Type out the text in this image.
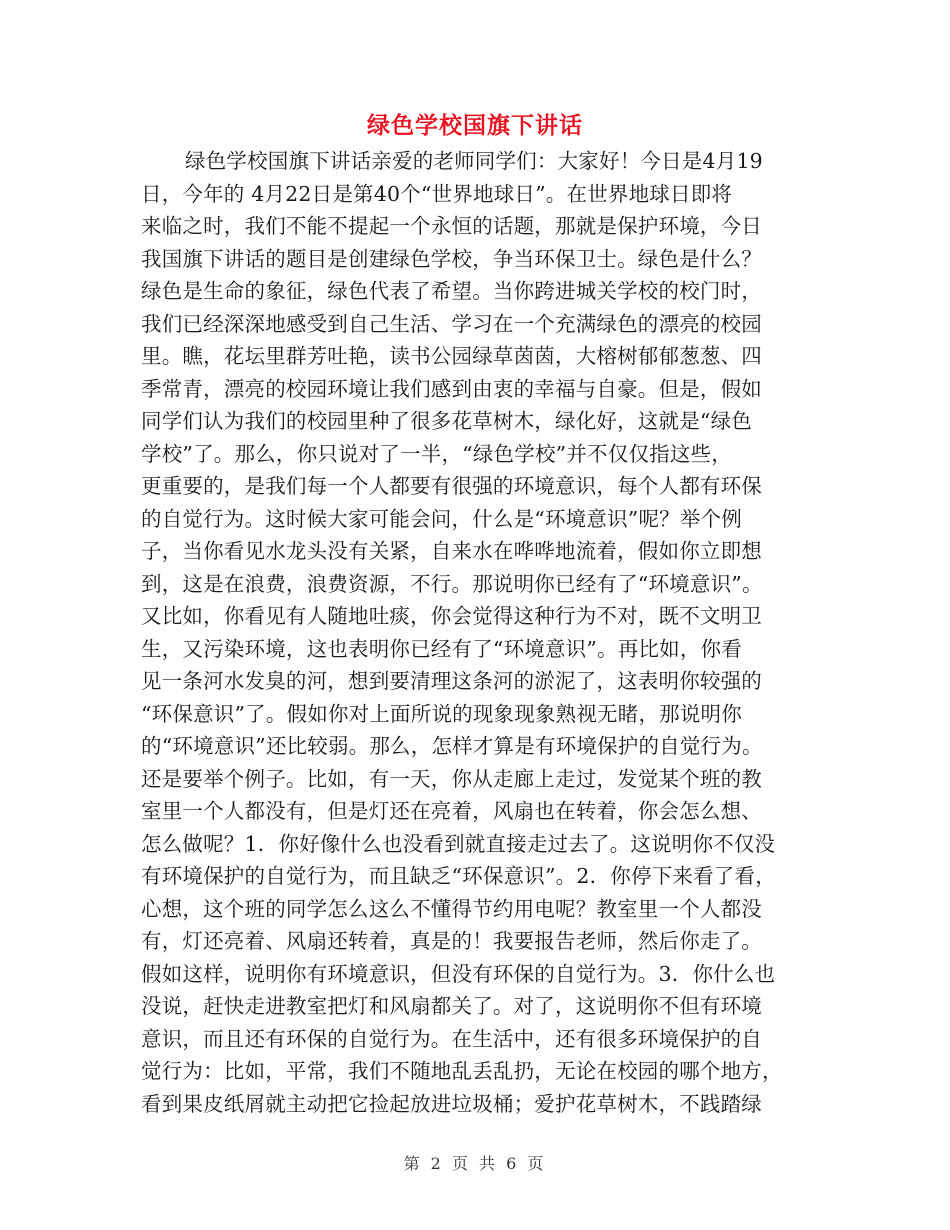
绿色学校国旗下讲话
绿色学校国旗下讲话亲爱的老师同学们：大家好！今日是4月19
日，今年的 4月22日是第40个“世界地球日”。在世界地球日即将
来临之时，我们不能不提起一个永恒的话题，那就是保护环境，今日
我国旗下讲话的题目是创建绿色学校，争当环保卫士。绿色是什么？
绿色是生命的象征，绿色代表了希望。当你跨进城关学校的校门时，
我们已经深深地感受到自己生活、学习在一个充满绿色的漂亮的校园
里。瞧，花坛里群芳吐艳，读书公园绿草茵茵，大榕树郁郁葱葱、四
季常青，漂亮的校园环境让我们感到由衷的幸福与自豪。但是，假如
同学们认为我们的校园里种了很多花草树木，绿化好，这就是“绿色
学校”了。那么，你只说对了一半，“绿色学校”并不仅仅指这些，
更重要的，是我们每一个人都要有很强的环境意识，每个人都有环保
的自觉行为。这时候大家可能会问，什么是“环境意识”呢？举个例
子，当你看见水龙头没有关紧，自来水在哗哗地流着，假如你立即想
到，这是在浪费，浪费资源，不行。那说明你已经有了“环境意识”。
又比如，你看见有人随地吐痰，你会觉得这种行为不对，既不文明卫
生，又污染环境，这也表明你已经有了“环境意识”。再比如，你看
见一条河水发臭的河，想到要清理这条河的淤泥了，这表明你较强的
“环保意识”了。假如你对上面所说的现象现象熟视无睹，那说明你
的“环境意识”还比较弱。那么，怎样才算是有环境保护的自觉行为。
还是要举个例子。比如，有一天，你从走廊上走过，发觉某个班的教
室里一个人都没有，但是灯还在亮着，风扇也在转着，你会怎么想、
怎么做呢？1．你好像什么也没看到就直接走过去了。这说明你不仅没
有环境保护的自觉行为，而且缺乏“环保意识”。2．你停下来看了看，
心想，这个班的同学怎么这么不懂得节约用电呢？教室里一个人都没
有，灯还亮着、风扇还转着，真是的！我要报告老师，然后你走了。
假如这样，说明你有环境意识，但没有环保的自觉行为。3．你什么也
没说，赶快走进教室把灯和风扇都关了。对了，这说明你不但有环境
意识，而且还有环保的自觉行为。在生活中，还有很多环境保护的自
觉行为：比如，平常，我们不随地乱丢乱扔，无论在校园的哪个地方，
看到果皮纸屑就主动把它捡起放进垃圾桶；爱护花草树木，不践踏绿
第 2 页 共 6 页
